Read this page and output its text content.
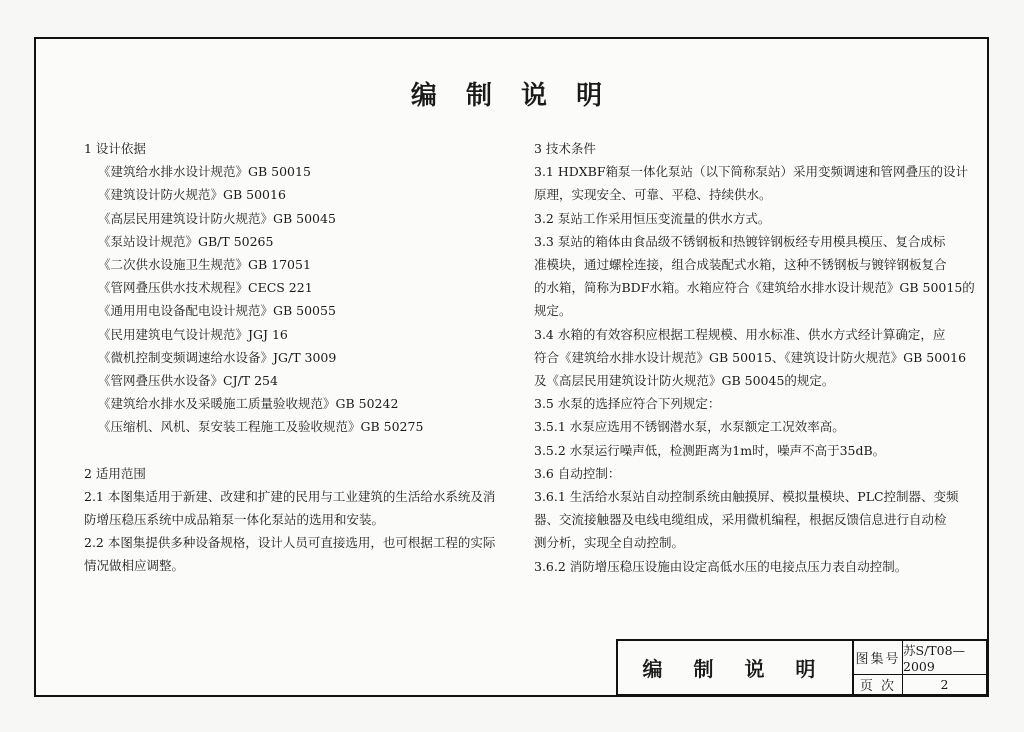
编 制 说 明
1 设计依据
《建筑给水排水设计规范》GB 50015
《建筑设计防火规范》GB 50016
《高层民用建筑设计防火规范》GB 50045
《泵站设计规范》GB/T 50265
《二次供水设施卫生规范》GB 17051
《管网叠压供水技术规程》CECS 221
《通用用电设备配电设计规范》GB 50055
《民用建筑电气设计规范》JGJ 16
《微机控制变频调速给水设备》JG/T 3009
《管网叠压供水设备》CJ/T 254
《建筑给水排水及采暖施工质量验收规范》GB 50242
《压缩机、风机、泵安装工程施工及验收规范》GB 50275
2 适用范围
2.1 本图集适用于新建、改建和扩建的民用与工业建筑的生活给水系统及消
防增压稳压系统中成品箱泵一体化泵站的选用和安装。
2.2 本图集提供多种设备规格，设计人员可直接选用，也可根据工程的实际
情况做相应调整。
3 技术条件
3.1 HDXBF箱泵一体化泵站（以下简称泵站）采用变频调速和管网叠压的设计
原理，实现安全、可靠、平稳、持续供水。
3.2 泵站工作采用恒压变流量的供水方式。
3.3 泵站的箱体由食品级不锈钢板和热镀锌钢板经专用模具模压、复合成标
准模块，通过螺栓连接，组合成装配式水箱，这种不锈钢板与镀锌钢板复合
的水箱，简称为BDF水箱。水箱应符合《建筑给水排水设计规范》GB 50015的
规定。
3.4 水箱的有效容积应根据工程规模、用水标准、供水方式经计算确定，应
符合《建筑给水排水设计规范》GB 50015、《建筑设计防火规范》GB 50016
及《高层民用建筑设计防火规范》GB 50045的规定。
3.5 水泵的选择应符合下列规定：
3.5.1 水泵应选用不锈钢潜水泵，水泵额定工况效率高。
3.5.2 水泵运行噪声低，检测距离为1m时，噪声不高于35dB。
3.6 自动控制：
3.6.1 生活给水泵站自动控制系统由触摸屏、模拟量模块、PLC控制器、变频
器、交流接触器及电线电缆组成，采用微机编程，根据反馈信息进行自动检
测分析，实现全自动控制。
3.6.2 消防增压稳压设施由设定高低水压的电接点压力表自动控制。
编 制 说 明	图集号
苏S/T08—2009
页 次	2
